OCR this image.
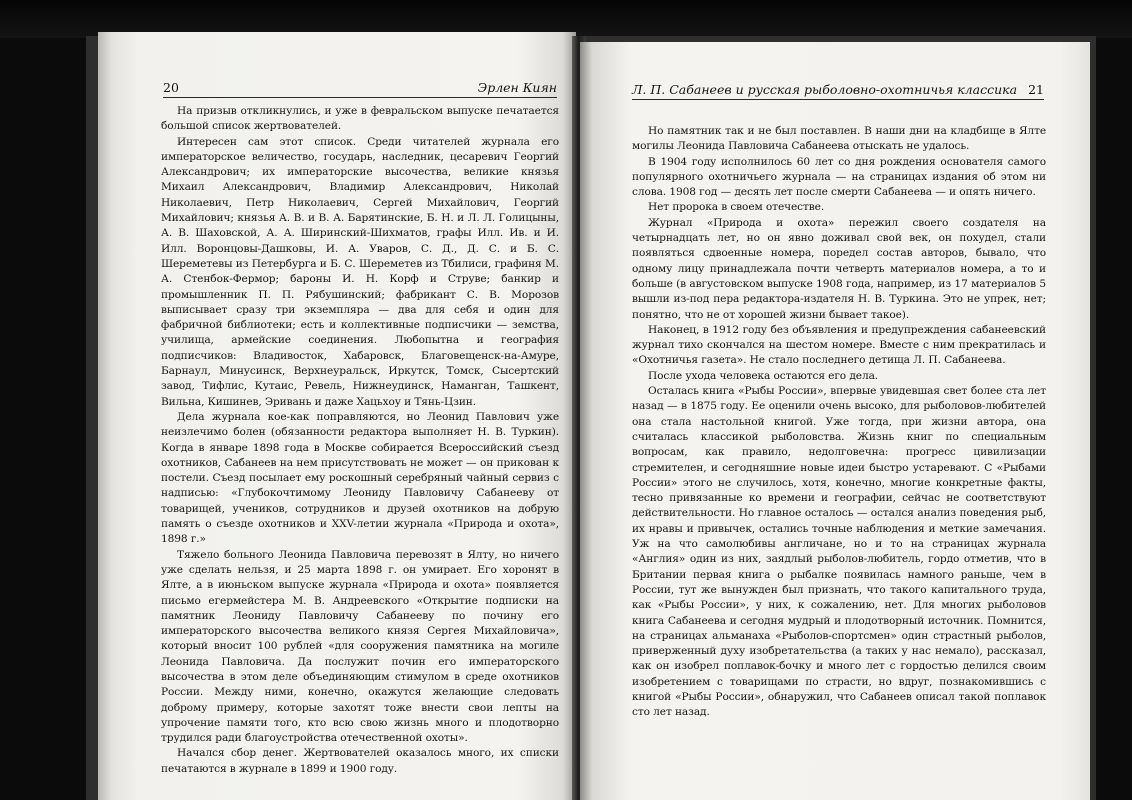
20	Эрлен Киян

На призыв откликнулись, и уже в февральском выпуске печатается большой список жертвователей.

Интересен сам этот список. Среди читателей журнала его императорское величество, государь, наследник, цесаревич Георгий Александрович; их императорские высочества, великие князья Михаил Александрович, Владимир Александрович, Николай Николаевич, Петр Николаевич, Сергей Михайлович, Георгий Михайлович; князья А. В. и В. А. Барятинские, Б. Н. и Л. Л. Голицыны, А. В. Шаховской, А. А. Ширинский-Шихматов, графы Илл. Ив. и И. Илл. Воронцовы-Дашковы, И. А. Уваров, С. Д., Д. С. и Б. С. Шереметевы из Петербурга и Б. С. Шереметев из Тбилиси, графиня М. А. Стенбок-Фермор; бароны И. Н. Корф и Струве; банкир и промышленник П. П. Рябушинский; фабрикант С. В. Морозов выписывает сразу три экземпляра — два для себя и один для фабричной библиотеки; есть и коллективные подписчики — земства, училища, армейские соединения. Любопытна и география подписчиков: Владивосток, Хабаровск, Благовещенск-на-Амуре, Барнаул, Минусинск, Верхнеуральск, Иркутск, Томск, Сысертский завод, Тифлис, Кутаис, Ревель, Нижнеудинск, Наманган, Ташкент, Вильна, Кишинев, Эривань и даже Хацьхоу и Тянь-Цзин.

Дела журнала кое-как поправляются, но Леонид Павлович уже неизлечимо болен (обязанности редактора выполняет Н. В. Туркин). Когда в январе 1898 года в Москве собирается Всероссийский съезд охотников, Сабанеев на нем присутствовать не может — он прикован к постели. Съезд посылает ему роскошный серебряный чайный сервиз с надписью: «Глубокочтимому Леониду Павловичу Сабанееву от товарищей, учеников, сотрудников и друзей охотников на добрую память о съезде охотников и XXV-летии журнала «Природа и охота», 1898 г.»

Тяжело больного Леонида Павловича перевозят в Ялту, но ничего уже сделать нельзя, и 25 марта 1898 г. он умирает. Его хоронят в Ялте, а в июньском выпуске журнала «Природа и охота» появляется письмо егермейстера М. В. Андреевского «Открытие подписки на памятник Леониду Павловичу Сабанееву по почину его императорского высочества великого князя Сергея Михайловича», который вносит 100 рублей «для сооружения памятника на могиле Леонида Павловича. Да послужит почин его императорского высочества в этом деле объединяющим стимулом в среде охотников России. Между ними, конечно, окажутся желающие следовать доброму примеру, которые захотят тоже внести свои лепты на упрочение памяти того, кто всю свою жизнь много и плодотворно трудился ради благоустройства отечественной охоты».

Начался сбор денег. Жертвователей оказалось много, их списки печатаются в журнале в 1899 и 1900 году.

Л. П. Сабанеев и русская рыболовно-охотничья классика 21

Но памятник так и не был поставлен. В наши дни на кладбище в Ялте могилы Леонида Павловича Сабанеева отыскать не удалось.

В 1904 году исполнилось 60 лет со дня рождения основателя самого популярного охотничьего журнала — на страницах издания об этом ни слова. 1908 год — десять лет после смерти Сабанеева — и опять ничего.

Нет пророка в своем отечестве.

Журнал «Природа и охота» пережил своего создателя на четырнадцать лет, но он явно доживал свой век, он похудел, стали появляться сдвоенные номера, поредел состав авторов, бывало, что одному лицу принадлежала почти четверть материалов номера, а то и больше (в августовском выпуске 1908 года, например, из 17 материалов 5 вышли из-под пера редактора-издателя Н. В. Туркина. Это не упрек, нет; понятно, что не от хорошей жизни бывает такое).

Наконец, в 1912 году без объявления и предупреждения сабанеевский журнал тихо скончался на шестом номере. Вместе с ним прекратилась и «Охотничья газета». Не стало последнего детища Л. П. Сабанеева.

После ухода человека остаются его дела.

Осталась книга «Рыбы России», впервые увидевшая свет более ста лет назад — в 1875 году. Ее оценили очень высоко, для рыболовов-любителей она стала настольной книгой. Уже тогда, при жизни автора, она считалась классикой рыболовства. Жизнь книг по специальным вопросам, как правило, недолговечна: прогресс цивилизации стремителен, и сегодняшние новые идеи быстро устаревают. С «Рыбами России» этого не случилось, хотя, конечно, многие конкретные факты, тесно привязанные ко времени и географии, сейчас не соответствуют действительности. Но главное осталось — остался анализ поведения рыб, их нравы и привычек, остались точные наблюдения и меткие замечания. Уж на что самолюбивы англичане, но и то на страницах журнала «Англия» один из них, заядлый рыболов-любитель, гордо отметив, что в Британии первая книга о рыбалке появилась намного раньше, чем в России, тут же вынужден был признать, что такого капитального труда, как «Рыбы России», у них, к сожалению, нет. Для многих рыболовов книга Сабанеева и сегодня мудрый и плодотворный источник. Помнится, на страницах альманаха «Рыболов-спортсмен» один страстный рыболов, приверженный духу изобретательства (а таких у нас немало), рассказал, как он изобрел поплавок-бочку и много лет с гордостью делился своим изобретением с товарищами по страсти, но вдруг, познакомившись с книгой «Рыбы России», обнаружил, что Сабанеев описал такой поплавок сто лет назад.
